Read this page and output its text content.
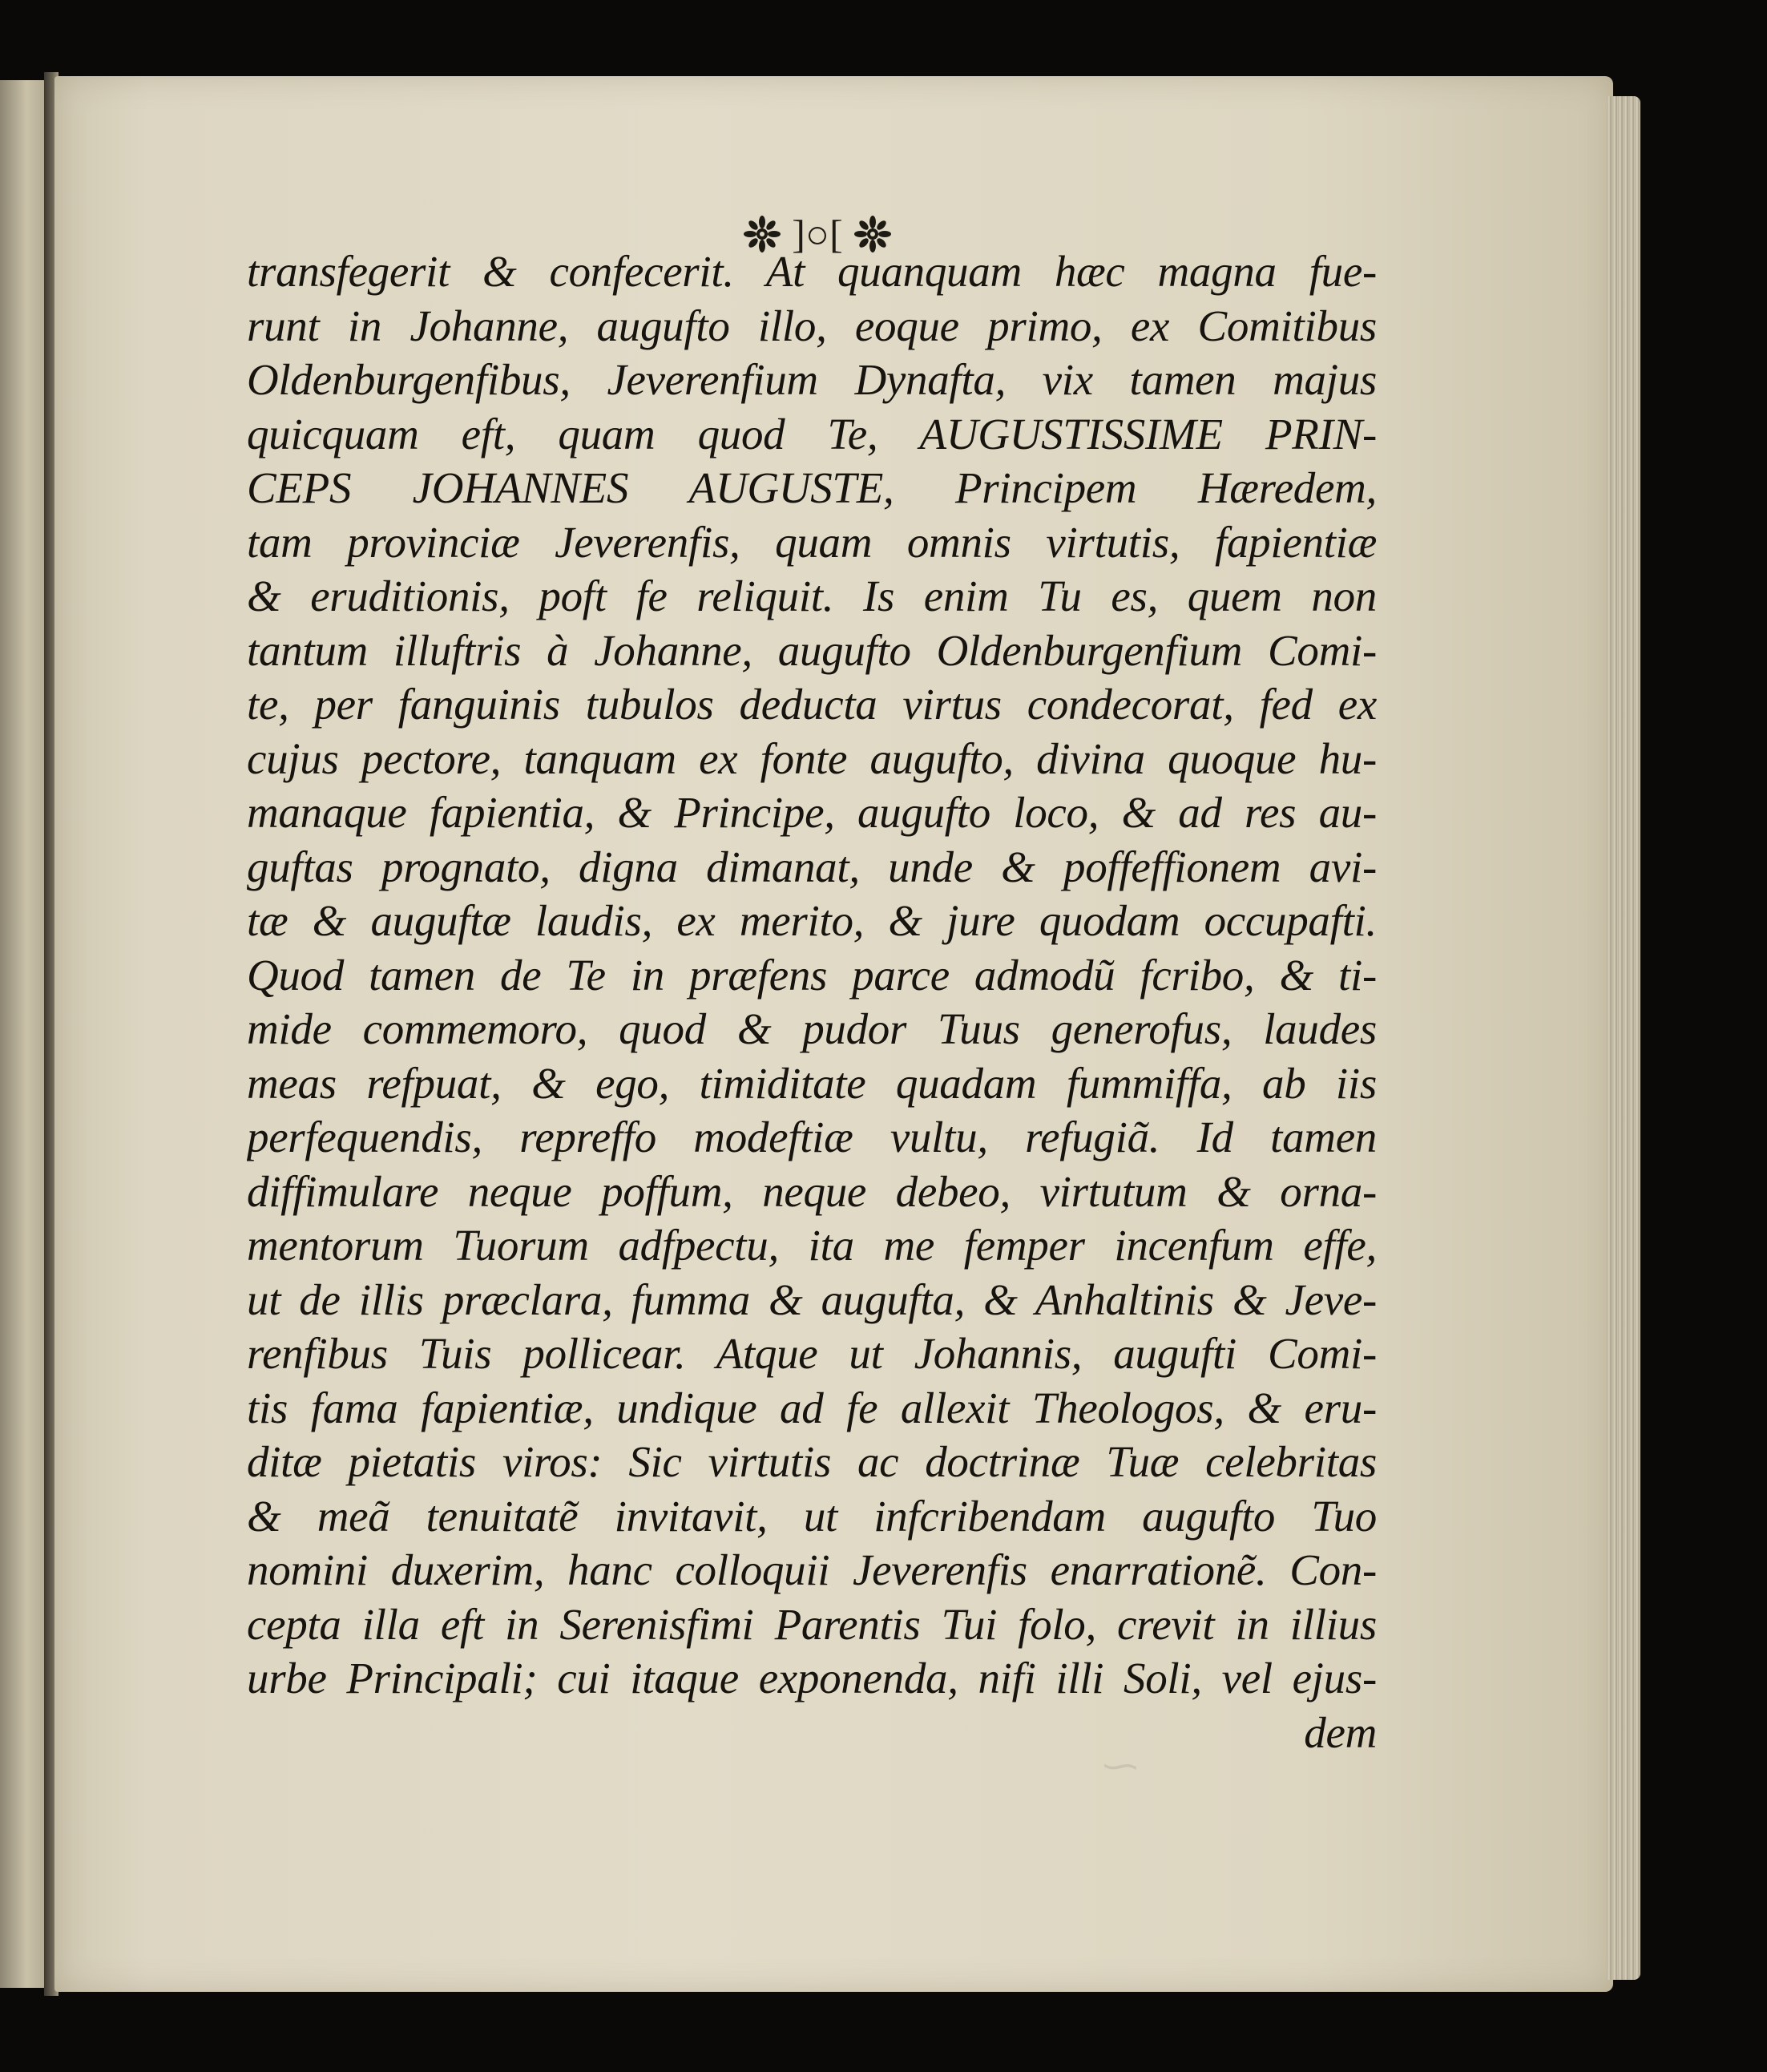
⁓
]○[
transfegerit & confecerit. At quanquam hæc magna fue-
runt in Johanne, augufto illo, eoque primo, ex Comitibus
Oldenburgenfibus, Jeverenfium Dynafta, vix tamen majus
quicquam eft, quam quod Te, AUGUSTISSIME PRIN-
CEPS JOHANNES AUGUSTE, Principem Hæredem,
tam provinciæ Jeverenfis, quam omnis virtutis, fapientiæ
& eruditionis, poft fe reliquit. Is enim Tu es, quem non
tantum illuftris à Johanne, augufto Oldenburgenfium Comi-
te, per fanguinis tubulos deducta virtus condecorat, fed ex
cujus pectore, tanquam ex fonte augufto, divina quoque hu-
manaque fapientia, & Principe, augufto loco, & ad res au-
guftas prognato, digna dimanat, unde & poffeffionem avi-
tæ & auguftæ laudis, ex merito, & jure quodam occupafti.
Quod tamen de Te in præfens parce admodũ fcribo, & ti-
mide commemoro, quod & pudor Tuus generofus, laudes
meas refpuat, & ego, timiditate quadam fummiffa, ab iis
perfequendis, repreffo modeftiæ vultu, refugiã. Id tamen
diffimulare neque poffum, neque debeo, virtutum & orna-
mentorum Tuorum adfpectu, ita me femper incenfum effe,
ut de illis præclara, fumma & augufta, & Anhaltinis & Jeve-
renfibus Tuis pollicear. Atque ut Johannis, augufti Comi-
tis fama fapientiæ, undique ad fe allexit Theologos, & eru-
ditæ pietatis viros: Sic virtutis ac doctrinæ Tuæ celebritas
& meã tenuitatẽ invitavit, ut infcribendam augufto Tuo
nomini duxerim, hanc colloquii Jeverenfis enarrationẽ. Con-
cepta illa eft in Serenisfimi Parentis Tui folo, crevit in illius
urbe Principali; cui itaque exponenda, nifi illi Soli, vel ejus-
dem
